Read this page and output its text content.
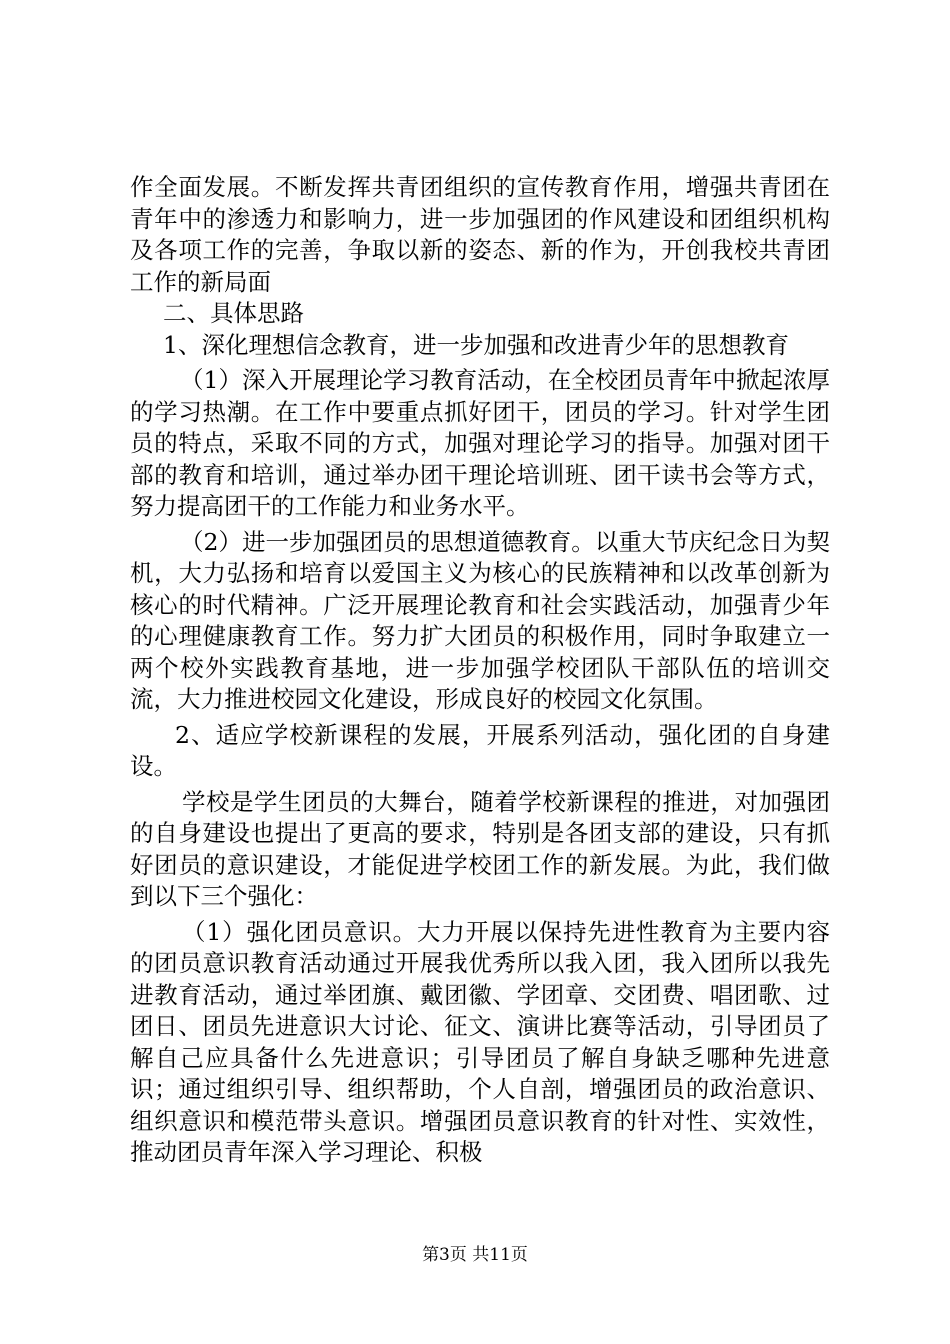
作全面发展。不断发挥共青团组织的宣传教育作用，增强共青团在青年中的渗透力和影响力，进一步加强团的作风建设和团组织机构及各项工作的完善，争取以新的姿态、新的作为，开创我校共青团工作的新局面

二、具体思路

1、深化理想信念教育，进一步加强和改进青少年的思想教育

（1）深入开展理论学习教育活动，在全校团员青年中掀起浓厚的学习热潮。在工作中要重点抓好团干，团员的学习。针对学生团员的特点，采取不同的方式，加强对理论学习的指导。加强对团干部的教育和培训，通过举办团干理论培训班、团干读书会等方式，努力提高团干的工作能力和业务水平。

（2）进一步加强团员的思想道德教育。以重大节庆纪念日为契机，大力弘扬和培育以爱国主义为核心的民族精神和以改革创新为核心的时代精神。广泛开展理论教育和社会实践活动，加强青少年的心理健康教育工作。努力扩大团员的积极作用，同时争取建立一两个校外实践教育基地，进一步加强学校团队干部队伍的培训交流，大力推进校园文化建设，形成良好的校园文化氛围。

2、适应学校新课程的发展，开展系列活动，强化团的自身建设。

学校是学生团员的大舞台，随着学校新课程的推进，对加强团的自身建设也提出了更高的要求，特别是各团支部的建设，只有抓好团员的意识建设，才能促进学校团工作的新发展。为此，我们做到以下三个强化：

（1）强化团员意识。大力开展以保持先进性教育为主要内容的团员意识教育活动通过开展我优秀所以我入团，我入团所以我先进教育活动，通过举团旗、戴团徽、学团章、交团费、唱团歌、过团日、团员先进意识大讨论、征文、演讲比赛等活动，引导团员了解自己应具备什么先进意识；引导团员了解自身缺乏哪种先进意识；通过组织引导、组织帮助，个人自剖，增强团员的政治意识、组织意识和模范带头意识。增强团员意识教育的针对性、实效性，推动团员青年深入学习理论、积极

第3页 共11页
